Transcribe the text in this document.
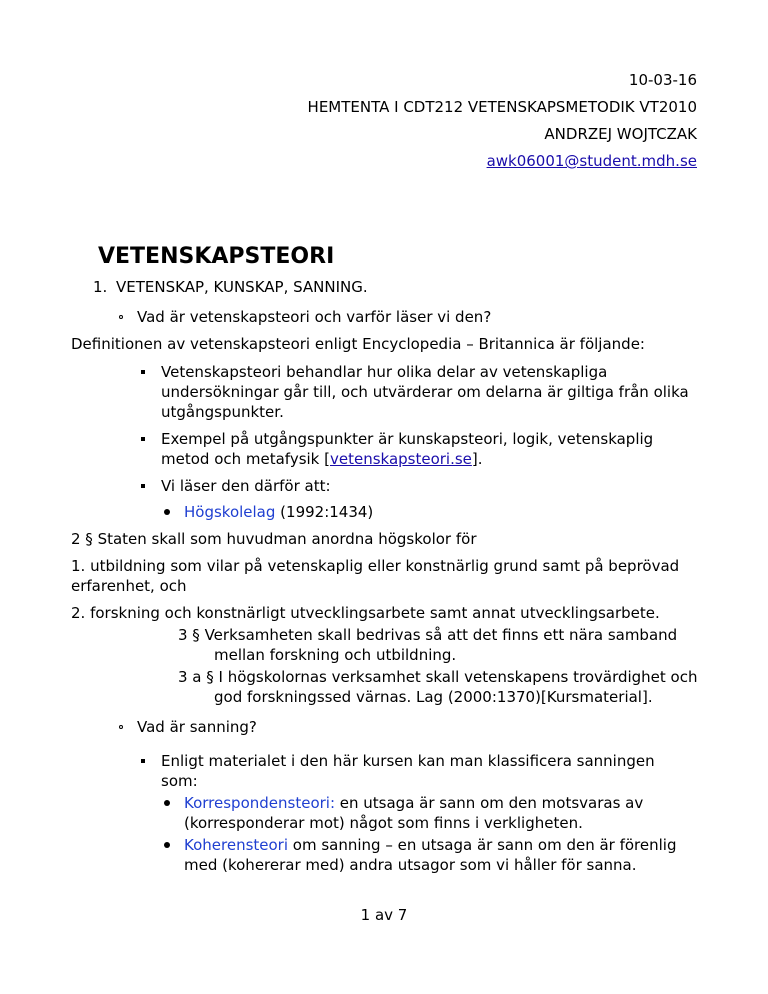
10-03-16
HEMTENTA I CDT212 VETENSKAPSMETODIK VT2010
ANDRZEJ WOJTCZAK
awk06001@student.mdh.se
VETENSKAPSTEORI
1. VETENSKAP, KUNSKAP, SANNING.
Vad är vetenskapsteori och varför läser vi den?
Definitionen av vetenskapsteori enligt Encyclopedia – Britannica är följande:
Vetenskapsteori behandlar hur olika delar av vetenskapliga undersökningar går till, och utvärderar om delarna är giltiga från olika utgångspunkter.
Exempel på utgångspunkter är kunskapsteori, logik, vetenskaplig metod och metafysik [vetenskapsteori.se].
Vi läser den därför att:
Högskolelag (1992:1434)
2 § Staten skall som huvudman anordna högskolor för
1. utbildning som vilar på vetenskaplig eller konstnärlig grund samt på beprövad erfarenhet, och
2. forskning och konstnärligt utvecklingsarbete samt annat utvecklingsarbete.
3 § Verksamheten skall bedrivas så att det finns ett nära samband mellan forskning och utbildning.
3 a § I högskolornas verksamhet skall vetenskapens trovärdighet och god forskningssed värnas. Lag (2000:1370)[Kursmaterial].
Vad är sanning?
Enligt materialet i den här kursen kan man klassificera sanningen som:
Korrespondensteori: en utsaga är sann om den motsvaras av (korresponderar mot) något som finns i verkligheten.
Koherensteori om sanning – en utsaga är sann om den är förenlig med (kohererar med) andra utsagor som vi håller för sanna.
1 av 7
